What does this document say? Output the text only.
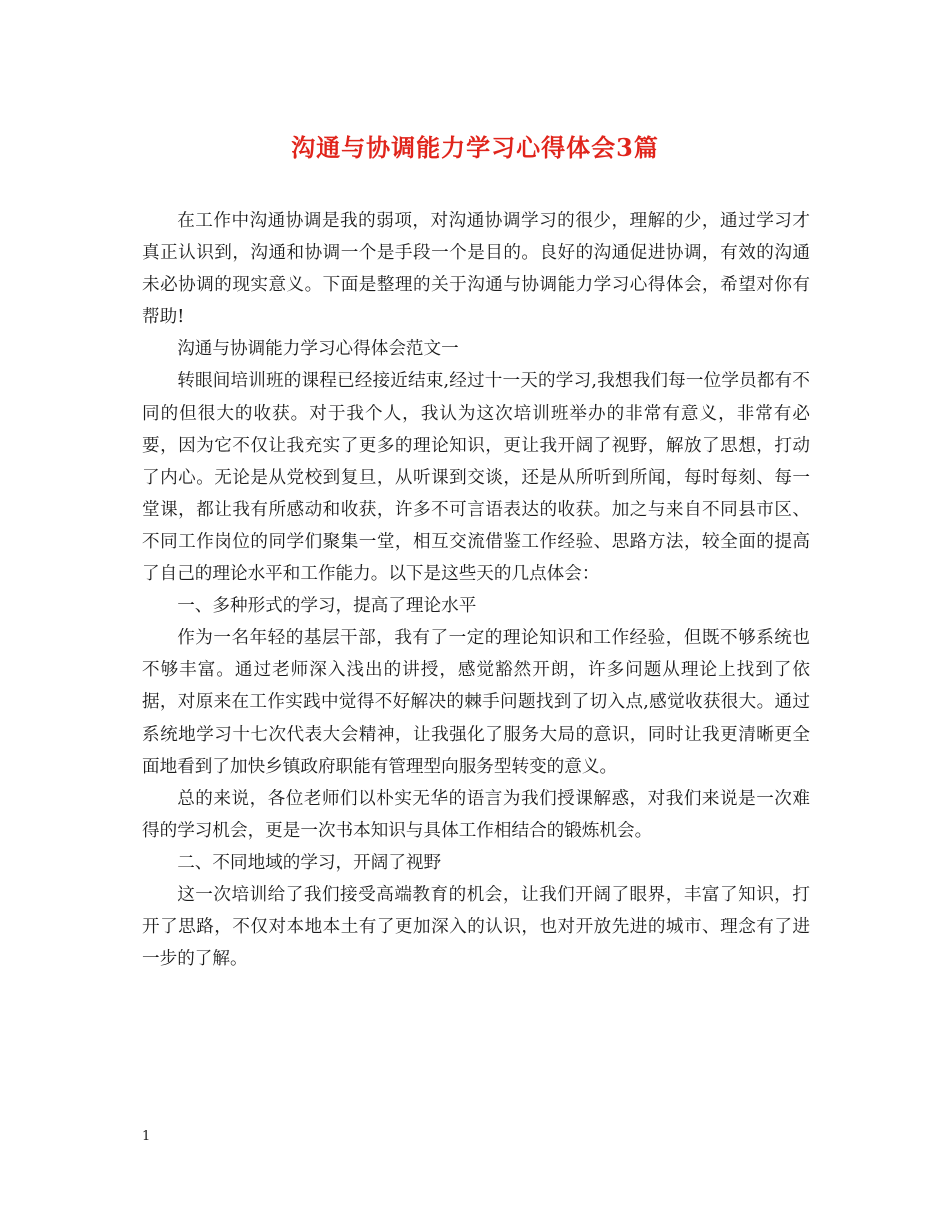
沟通与协调能力学习心得体会3篇

在工作中沟通协调是我的弱项，对沟通协调学习的很少，理解的少，通过学习才真正认识到，沟通和协调一个是手段一个是目的。良好的沟通促进协调，有效的沟通未必协调的现实意义。下面是整理的关于沟通与协调能力学习心得体会，希望对你有帮助!

沟通与协调能力学习心得体会范文一

转眼间培训班的课程已经接近结束,经过十一天的学习,我想我们每一位学员都有不同的但很大的收获。对于我个人，我认为这次培训班举办的非常有意义，非常有必要，因为它不仅让我充实了更多的理论知识，更让我开阔了视野，解放了思想，打动了内心。无论是从党校到复旦，从听课到交谈，还是从所听到所闻，每时每刻、每一堂课，都让我有所感动和收获，许多不可言语表达的收获。加之与来自不同县市区、不同工作岗位的同学们聚集一堂，相互交流借鉴工作经验、思路方法，较全面的提高了自己的理论水平和工作能力。以下是这些天的几点体会：

一、多种形式的学习，提高了理论水平

作为一名年轻的基层干部，我有了一定的理论知识和工作经验，但既不够系统也不够丰富。通过老师深入浅出的讲授，感觉豁然开朗，许多问题从理论上找到了依据，对原来在工作实践中觉得不好解决的棘手问题找到了切入点,感觉收获很大。通过系统地学习十七次代表大会精神，让我强化了服务大局的意识，同时让我更清晰更全面地看到了加快乡镇政府职能有管理型向服务型转变的意义。

总的来说，各位老师们以朴实无华的语言为我们授课解惑，对我们来说是一次难得的学习机会，更是一次书本知识与具体工作相结合的锻炼机会。

二、不同地域的学习，开阔了视野

这一次培训给了我们接受高端教育的机会，让我们开阔了眼界，丰富了知识，打开了思路，不仅对本地本土有了更加深入的认识，也对开放先进的城市、理念有了进一步的了解。

1
